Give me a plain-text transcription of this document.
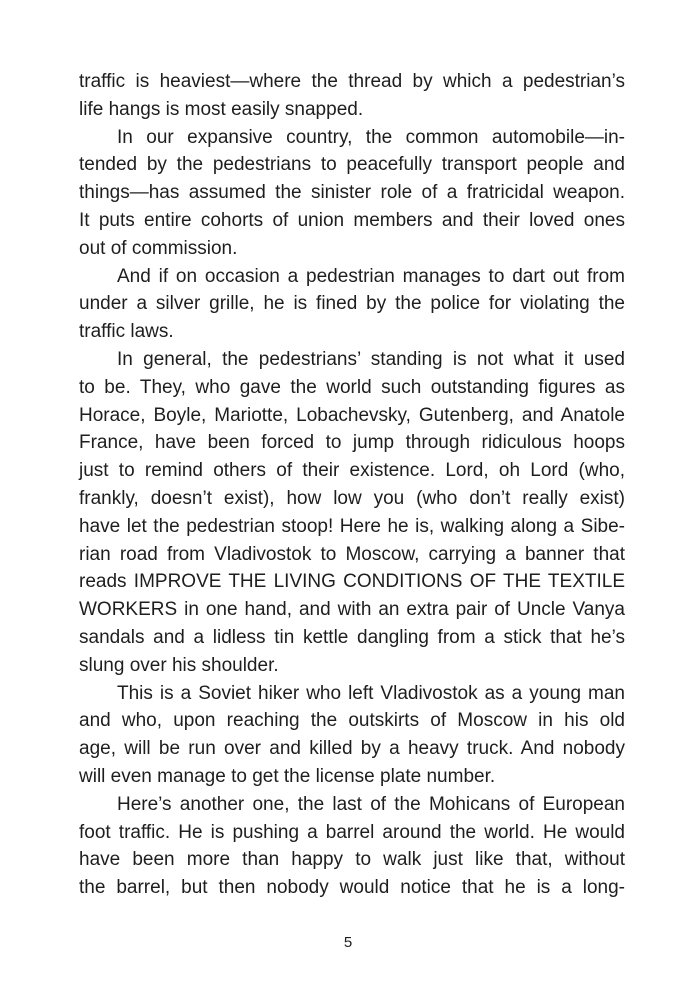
traffic is heaviest—where the thread by which a pedestrian’s
life hangs is most easily snapped.
In our expansive country, the common automobile—in-
tended by the pedestrians to peacefully transport people and
things—has assumed the sinister role of a fratricidal weapon.
It puts entire cohorts of union members and their loved ones
out of commission.
And if on occasion a pedestrian manages to dart out from
under a silver grille, he is fined by the police for violating the
traffic laws.
In general, the pedestrians’ standing is not what it used
to be. They, who gave the world such outstanding figures as
Horace, Boyle, Mariotte, Lobachevsky, Gutenberg, and Anatole
France, have been forced to jump through ridiculous hoops
just to remind others of their existence. Lord, oh Lord (who,
frankly, doesn’t exist), how low you (who don’t really exist)
have let the pedestrian stoop! Here he is, walking along a Sibe-
rian road from Vladivostok to Moscow, carrying a banner that
reads IMPROVE THE LIVING CONDITIONS OF THE TEXTILE
WORKERS in one hand, and with an extra pair of Uncle Vanya
sandals and a lidless tin kettle dangling from a stick that he’s
slung over his shoulder.
This is a Soviet hiker who left Vladivostok as a young man
and who, upon reaching the outskirts of Moscow in his old
age, will be run over and killed by a heavy truck. And nobody
will even manage to get the license plate number.
Here’s another one, the last of the Mohicans of European
foot traffic. He is pushing a barrel around the world. He would
have been more than happy to walk just like that, without
the barrel, but then nobody would notice that he is a long-
5
